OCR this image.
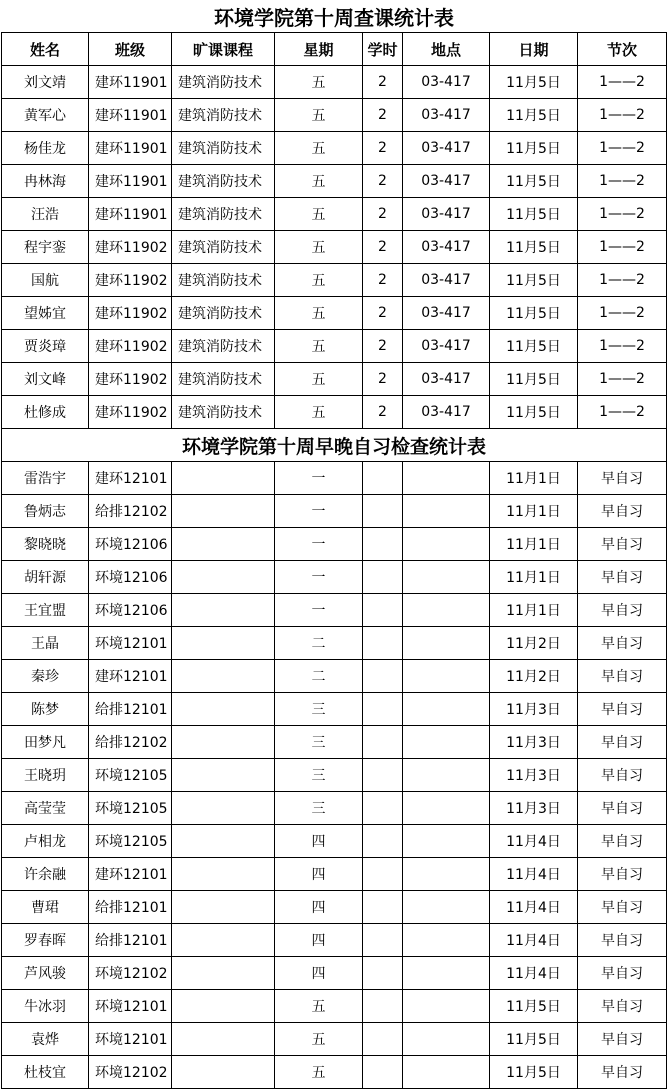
环境学院第十周查课统计表							
姓名	班级	旷课课程	星期	学时	地点	日期	节次
刘文靖	建环11901	建筑消防技术	五	2	03-417	11月5日	1——2
黄军心	建环11901	建筑消防技术	五	2	03-417	11月5日	1——2
杨佳龙	建环11901	建筑消防技术	五	2	03-417	11月5日	1——2
冉林海	建环11901	建筑消防技术	五	2	03-417	11月5日	1——2
汪浩	建环11901	建筑消防技术	五	2	03-417	11月5日	1——2
程宇銮	建环11902	建筑消防技术	五	2	03-417	11月5日	1——2
国航	建环11902	建筑消防技术	五	2	03-417	11月5日	1——2
望姊宜	建环11902	建筑消防技术	五	2	03-417	11月5日	1——2
贾炎璋	建环11902	建筑消防技术	五	2	03-417	11月5日	1——2
刘文峰	建环11902	建筑消防技术	五	2	03-417	11月5日	1——2
杜修成	建环11902	建筑消防技术	五	2	03-417	11月5日	1——2
环境学院第十周早晚自习检查统计表							
雷浩宇	建环12101		一			11月1日	早自习
鲁炳志	给排12102		一			11月1日	早自习
黎晓晓	环境12106		一			11月1日	早自习
胡轩源	环境12106		一			11月1日	早自习
王宜盟	环境12106		一			11月1日	早自习
王晶	环境12101		二			11月2日	早自习
秦珍	建环12101		二			11月2日	早自习
陈梦	给排12101		三			11月3日	早自习
田梦凡	给排12102		三			11月3日	早自习
王晓玥	环境12105		三			11月3日	早自习
高莹莹	环境12105		三			11月3日	早自习
卢相龙	环境12105		四			11月4日	早自习
许余融	建环12101		四			11月4日	早自习
曹珺	给排12101		四			11月4日	早自习
罗春晖	给排12101		四			11月4日	早自习
芦风骏	环境12102		四			11月4日	早自习
牛冰羽	环境12101		五			11月5日	早自习
袁烨	环境12101		五			11月5日	早自习
杜枝宜	环境12102		五			11月5日	早自习
